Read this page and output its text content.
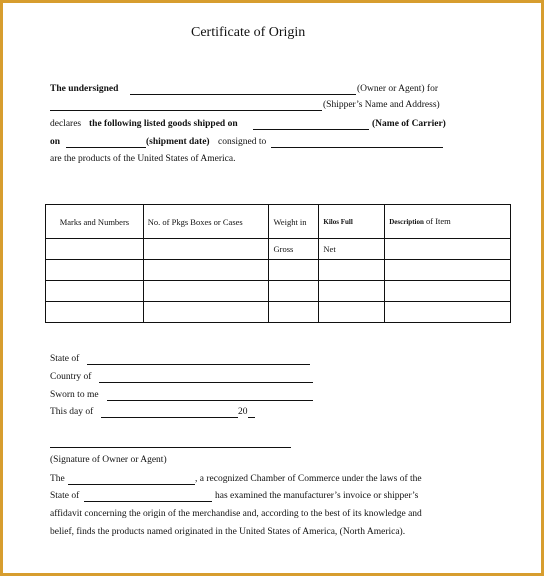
Certificate of Origin
The undersigned	(Owner or Agent) for
(Shipper’s Name and Address)
declares the following listed goods shipped on	(Name of Carrier)
on	(shipment date) consigned to
are the products of the United States of America.
Marks and Numbers	No. of Pkgs Boxes or Cases	Weight in	Kilos Full	Description of Item
		Gross	Net	

State of
Country of
Sworn to me
This day of	20
(Signature of Owner or Agent)
The	, a recognized Chamber of Commerce under the laws of the
State of	has examined the manufacturer’s invoice or shipper’s
affidavit concerning the origin of the merchandise and, according to the best of its knowledge and
belief, finds the products named originated in the United States of America, (North America).
